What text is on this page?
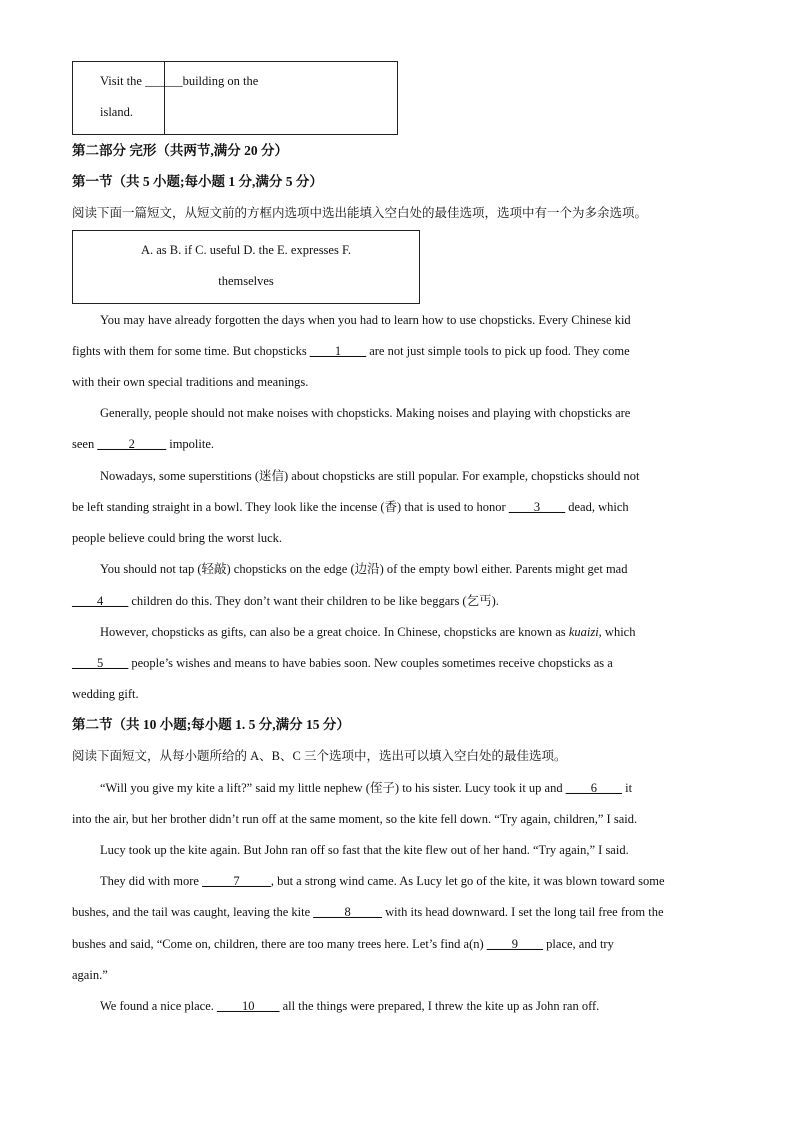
Visit the ______building on the
island.
第二部分 完形（共两节,满分 20 分）
第一节（共 5 小题;每小题 1 分,满分 5 分）
阅读下面一篇短文，从短文前的方框内选项中选出能填入空白处的最佳选项，选项中有一个为多余选项。
A. as B. if C. useful D. the E. expresses F.
themselves
You may have already forgotten the days when you had to learn how to use chopsticks. Every Chinese kid
fights with them for some time. But chopsticks ____1____ are not just simple tools to pick up food. They come
with their own special traditions and meanings.
Generally, people should not make noises with chopsticks. Making noises and playing with chopsticks are
seen _____2_____ impolite.
Nowadays, some superstitions (迷信) about chopsticks are still popular. For example, chopsticks should not
be left standing straight in a bowl. They look like the incense (香) that is used to honor ____3____ dead, which
people believe could bring the worst luck.
You should not tap (轻敲) chopsticks on the edge (边沿) of the empty bowl either. Parents might get mad
____4____ children do this. They don’t want their children to be like beggars (乞丐).
However, chopsticks as gifts, can also be a great choice. In Chinese, chopsticks are known as kuaizi, which
____5____ people’s wishes and means to have babies soon. New couples sometimes receive chopsticks as a
wedding gift.
第二节（共 10 小题;每小题 1. 5 分,满分 15 分）
阅读下面短文，从每小题所给的 A、B、C 三个选项中，选出可以填入空白处的最佳选项。
“Will you give my kite a lift?” said my little nephew (侄子) to his sister. Lucy took it up and ____6____ it
into the air, but her brother didn’t run off at the same moment, so the kite fell down. “Try again, children,” I said.
Lucy took up the kite again. But John ran off so fast that the kite flew out of her hand. “Try again,” I said.
They did with more _____7_____, but a strong wind came. As Lucy let go of the kite, it was blown toward some
bushes, and the tail was caught, leaving the kite _____8_____ with its head downward. I set the long tail free from the
bushes and said, “Come on, children, there are too many trees here. Let’s find a(n) ____9____ place, and try
again.”
We found a nice place. ____10____ all the things were prepared, I threw the kite up as John ran off.
